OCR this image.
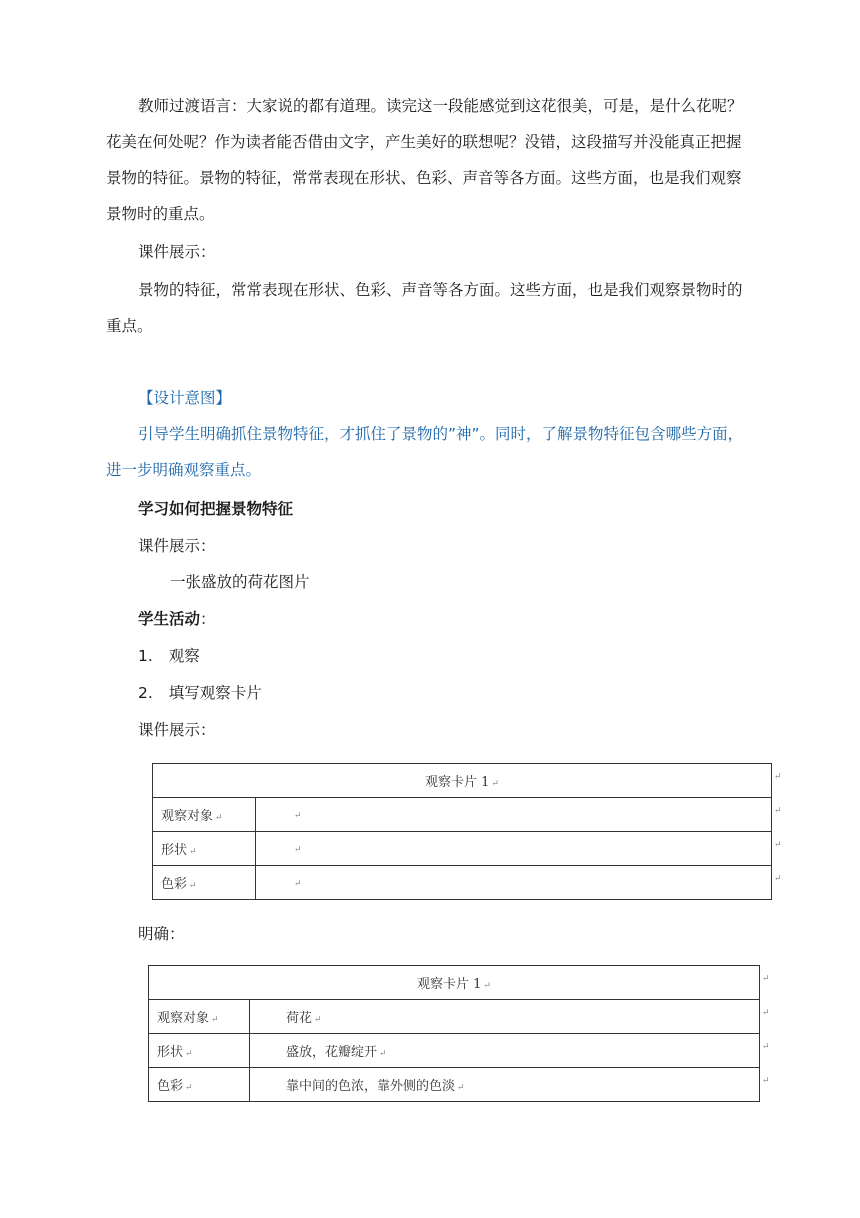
教师过渡语言：大家说的都有道理。读完这一段能感觉到这花很美，可是，是什么花呢？花美在何处呢？作为读者能否借由文字，产生美好的联想呢？没错，这段描写并没能真正把握景物的特征。景物的特征，常常表现在形状、色彩、声音等各方面。这些方面，也是我们观察景物时的重点。

课件展示：

景物的特征，常常表现在形状、色彩、声音等各方面。这些方面，也是我们观察景物时的重点。

【设计意图】

引导学生明确抓住景物特征，才抓住了景物的”神”。同时，了解景物特征包含哪些方面，进一步明确观察重点。

学习如何把握景物特征

课件展示：

一张盛放的荷花图片

学生活动：

1. 观察

2. 填写观察卡片

课件展示：

观察卡片 1 ↵	
观察对象 ↵	↵
形状 ↵	↵
色彩 ↵	↵
↵
↵
↵
↵

明确：

观察卡片 1 ↵	
观察对象 ↵	荷花 ↵
形状 ↵	盛放，花瓣绽开 ↵
色彩 ↵	靠中间的色浓，靠外侧的色淡 ↵
↵
↵
↵
↵
